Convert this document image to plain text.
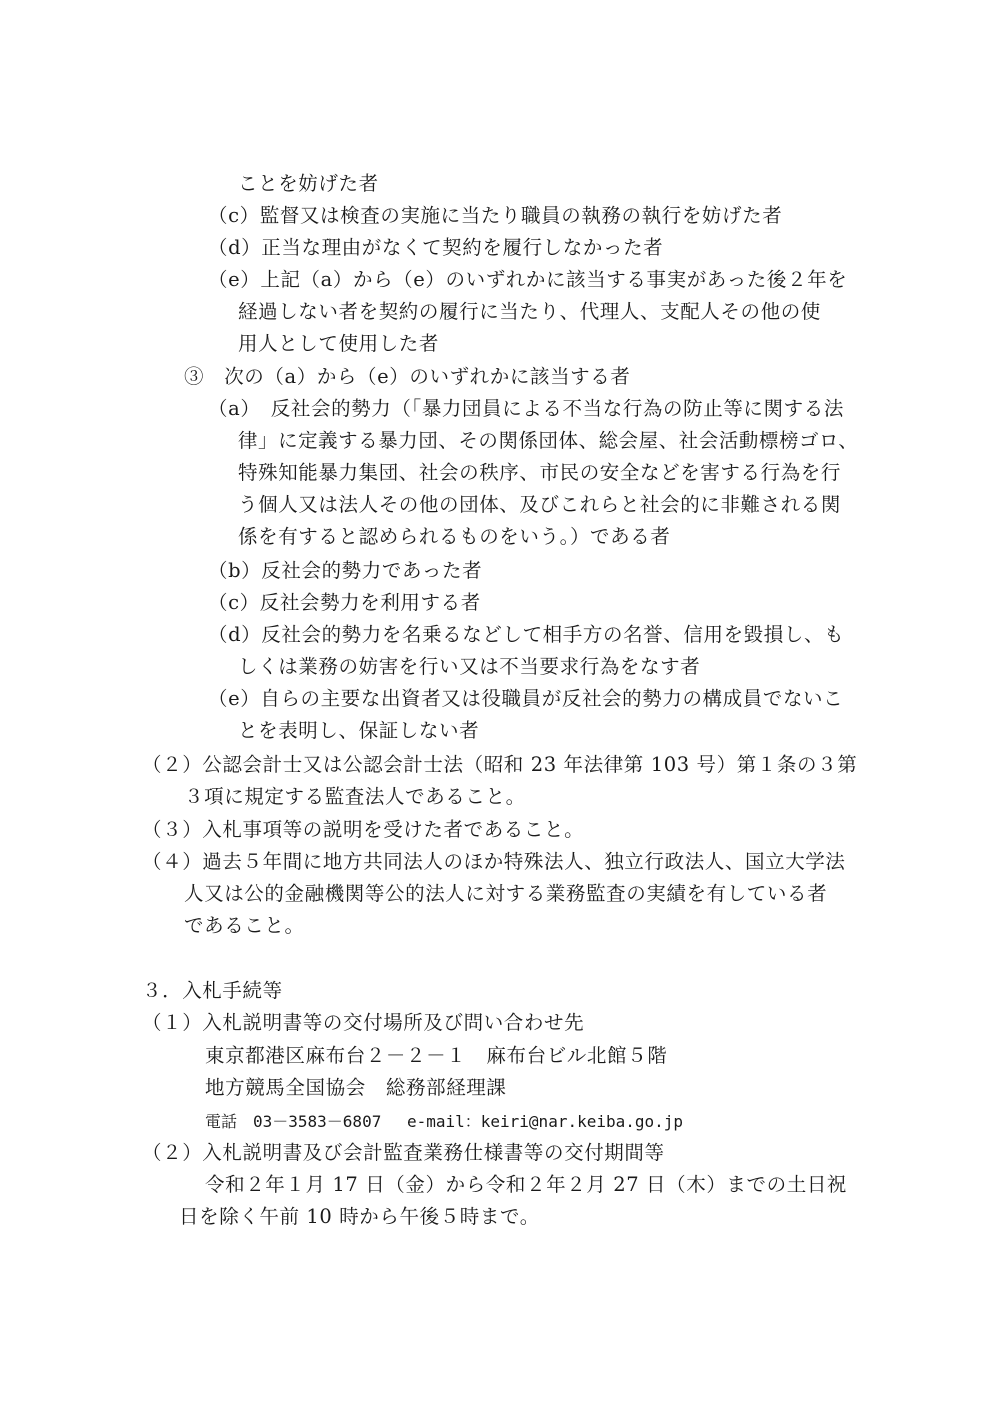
ことを妨げた者
（c）監督又は検査の実施に当たり職員の執務の執行を妨げた者
（d）正当な理由がなくて契約を履行しなかった者
（e）上記（a）から（e）のいずれかに該当する事実があった後２年を
経過しない者を契約の履行に当たり、代理人、支配人その他の使
用人として使用した者
③　次の（a）から（e）のいずれかに該当する者
（a）　反社会的勢力（「暴力団員による不当な行為の防止等に関する法
律」に定義する暴力団、その関係団体、総会屋、社会活動標榜ゴロ、
特殊知能暴力集団、社会の秩序、市民の安全などを害する行為を行
う個人又は法人その他の団体、及びこれらと社会的に非難される関
係を有すると認められるものをいう。）である者
（b）反社会的勢力であった者
（c）反社会勢力を利用する者
（d）反社会的勢力を名乗るなどして相手方の名誉、信用を毀損し、も
しくは業務の妨害を行い又は不当要求行為をなす者
（e）自らの主要な出資者又は役職員が反社会的勢力の構成員でないこ
とを表明し、保証しない者
（２）公認会計士又は公認会計士法（昭和 23 年法律第 103 号）第１条の３第
３項に規定する監査法人であること。
（３）入札事項等の説明を受けた者であること。
（４）過去５年間に地方共同法人のほか特殊法人、独立行政法人、国立大学法
人又は公的金融機関等公的法人に対する業務監査の実績を有している者
であること。
３．入札手続等
（１）入札説明書等の交付場所及び問い合わせ先
東京都港区麻布台２－２－１　麻布台ビル北館５階
地方競馬全国協会　総務部経理課
電話　03－3583－6807　 e-mail：keiri@nar.keiba.go.jp
（２）入札説明書及び会計監査業務仕様書等の交付期間等
令和２年１月 17 日（金）から令和２年２月 27 日（木）までの土日祝
日を除く午前 10 時から午後５時まで。
